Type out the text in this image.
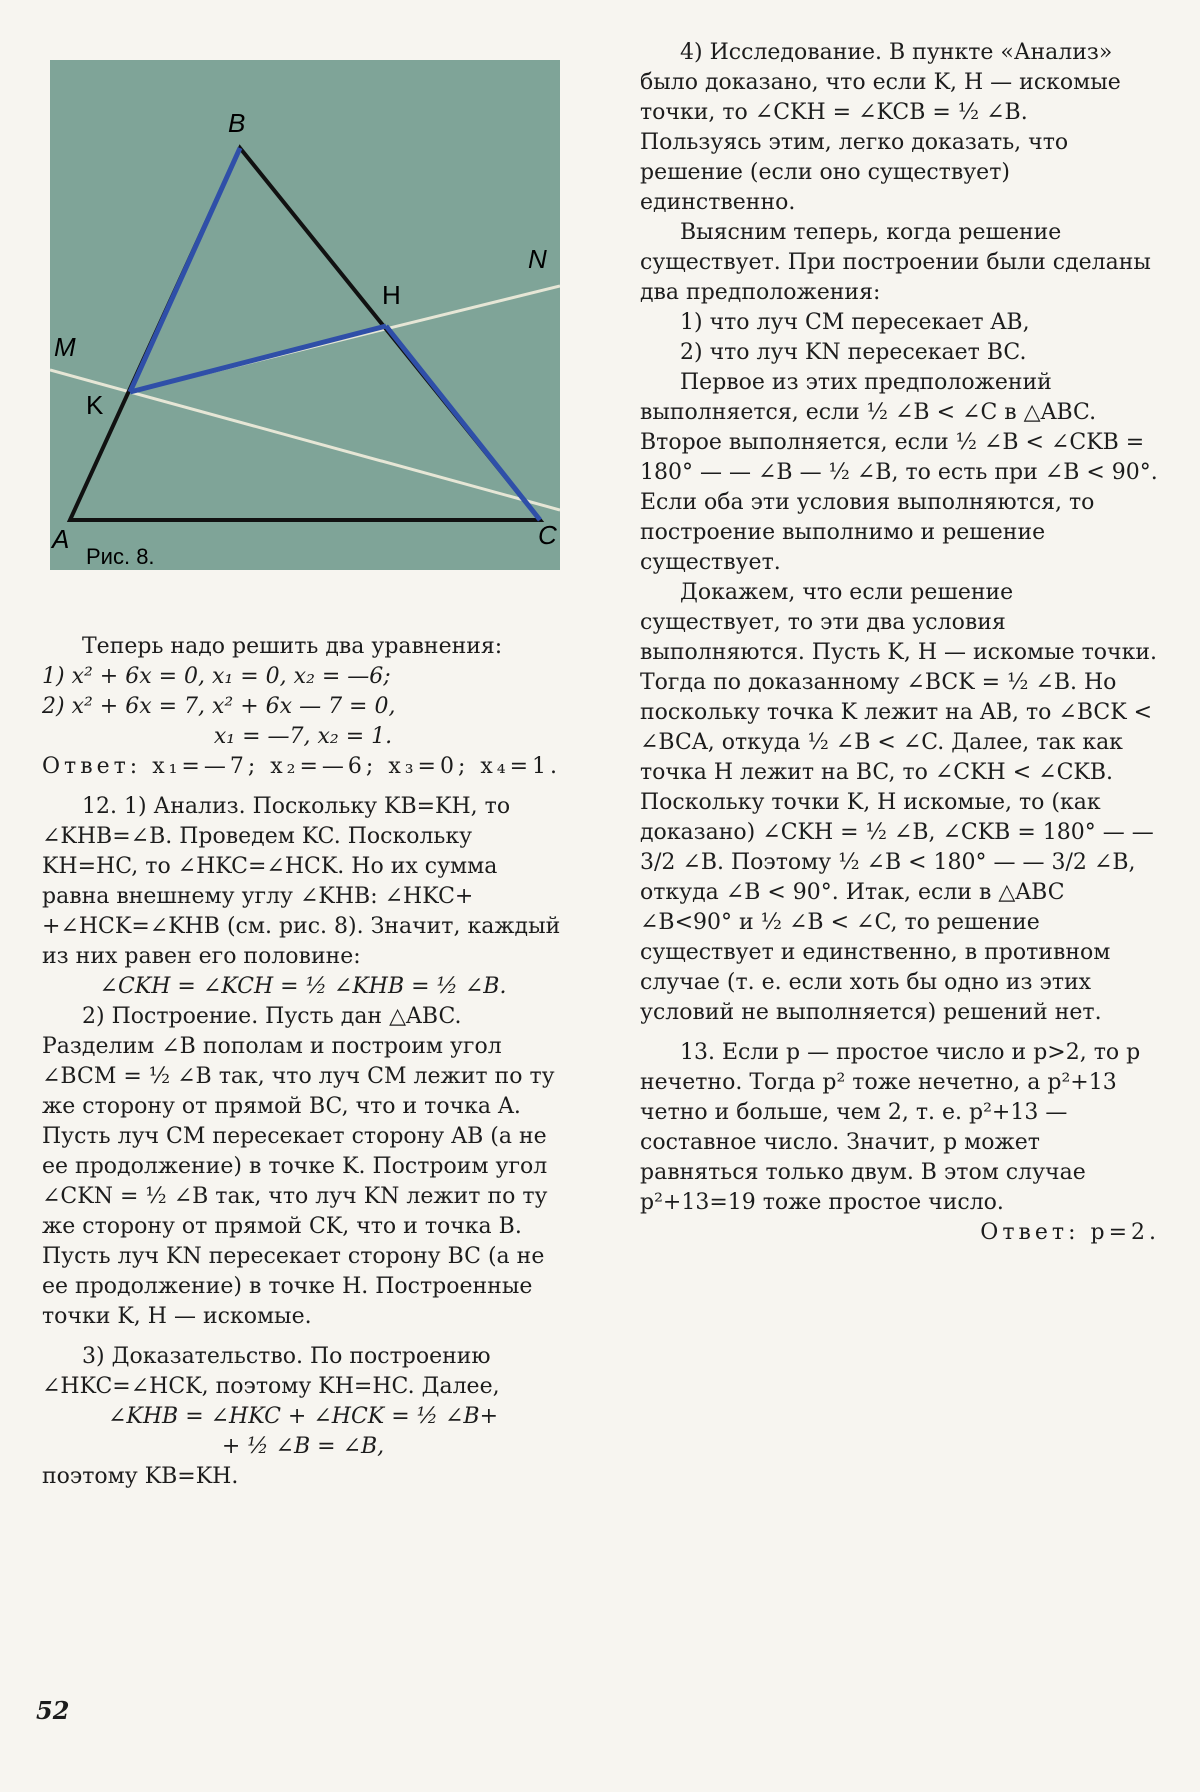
B
N
H
M
K
A	C
Рис. 8.

Теперь надо решить два уравнения:

1) x² + 6x = 0, x₁ = 0, x₂ = —6;

2) x² + 6x = 7, x² + 6x — 7 = 0,

x₁ = —7, x₂ = 1.

Ответ: x₁=—7; x₂=—6; x₃=0; x₄=1.

12. 1) Анализ. Поскольку KB=KH, то ∠KHB=∠B. Проведем KC. Поскольку KH=HC, то ∠HKC=∠HCK. Но их сумма равна внешнему углу ∠KHB: ∠HKC+ +∠HCK=∠KHB (см. рис. 8). Значит, каждый из них равен его половине:

∠CKH = ∠KCH = ½ ∠KHB = ½ ∠B.

2) Построение. Пусть дан △ABC. Разделим ∠B пополам и построим угол ∠BCM = ½ ∠B так, что луч CM лежит по ту же сторону от прямой BC, что и точка A. Пусть луч CM пересекает сторону AB (а не ее продолжение) в точке K. Построим угол ∠CKN = ½ ∠B так, что луч KN лежит по ту же сторону от прямой CK, что и точка B. Пусть луч KN пересекает сторону BC (а не ее продолжение) в точке H. Построенные точки K, H — искомые.

3) Доказательство. По построению ∠HKC=∠HCK, поэтому KH=HC. Далее,

∠KHB = ∠HKC + ∠HCK = ½ ∠B+

+ ½ ∠B = ∠B,

поэтому KB=KH.

4) Исследование. В пункте «Анализ» было доказано, что если K, H — искомые точки, то ∠CKH = ∠KCB = ½ ∠B.

Пользуясь этим, легко доказать, что решение (если оно существует) единственно.

Выясним теперь, когда решение существует. При построении были сделаны два предположения:

1) что луч CM пересекает AB,

2) что луч KN пересекает BC.

Первое из этих предположений выполняется, если ½ ∠B < ∠C в △ABC. Второе выполняется, если ½ ∠B < ∠CKB = 180° — — ∠B — ½ ∠B, то есть при ∠B < 90°.

Если оба эти условия выполняются, то построение выполнимо и решение существует.

Докажем, что если решение существует, то эти два условия выполняются. Пусть K, H — искомые точки. Тогда по доказанному ∠BCK = ½ ∠B. Но поскольку точка K лежит на AB, то ∠BCK < ∠BCA, откуда ½ ∠B < ∠C. Далее, так как точка H лежит на BC, то ∠CKH < ∠CKB. Поскольку точки K, H искомые, то (как доказано) ∠CKH = ½ ∠B, ∠CKB = 180° — — 3/2 ∠B. Поэтому ½ ∠B < 180° — — 3/2 ∠B, откуда ∠B < 90°. Итак, если в △ABC ∠B<90° и ½ ∠B < ∠C, то решение существует и единственно, в противном случае (т. е. если хоть бы одно из этих условий не выполняется) решений нет.

13. Если p — простое число и p>2, то p нечетно. Тогда p² тоже нечетно, а p²+13 четно и больше, чем 2, т. е. p²+13 — составное число. Значит, p может равняться только двум. В этом случае p²+13=19 тоже простое число.

Ответ: p=2.

52
